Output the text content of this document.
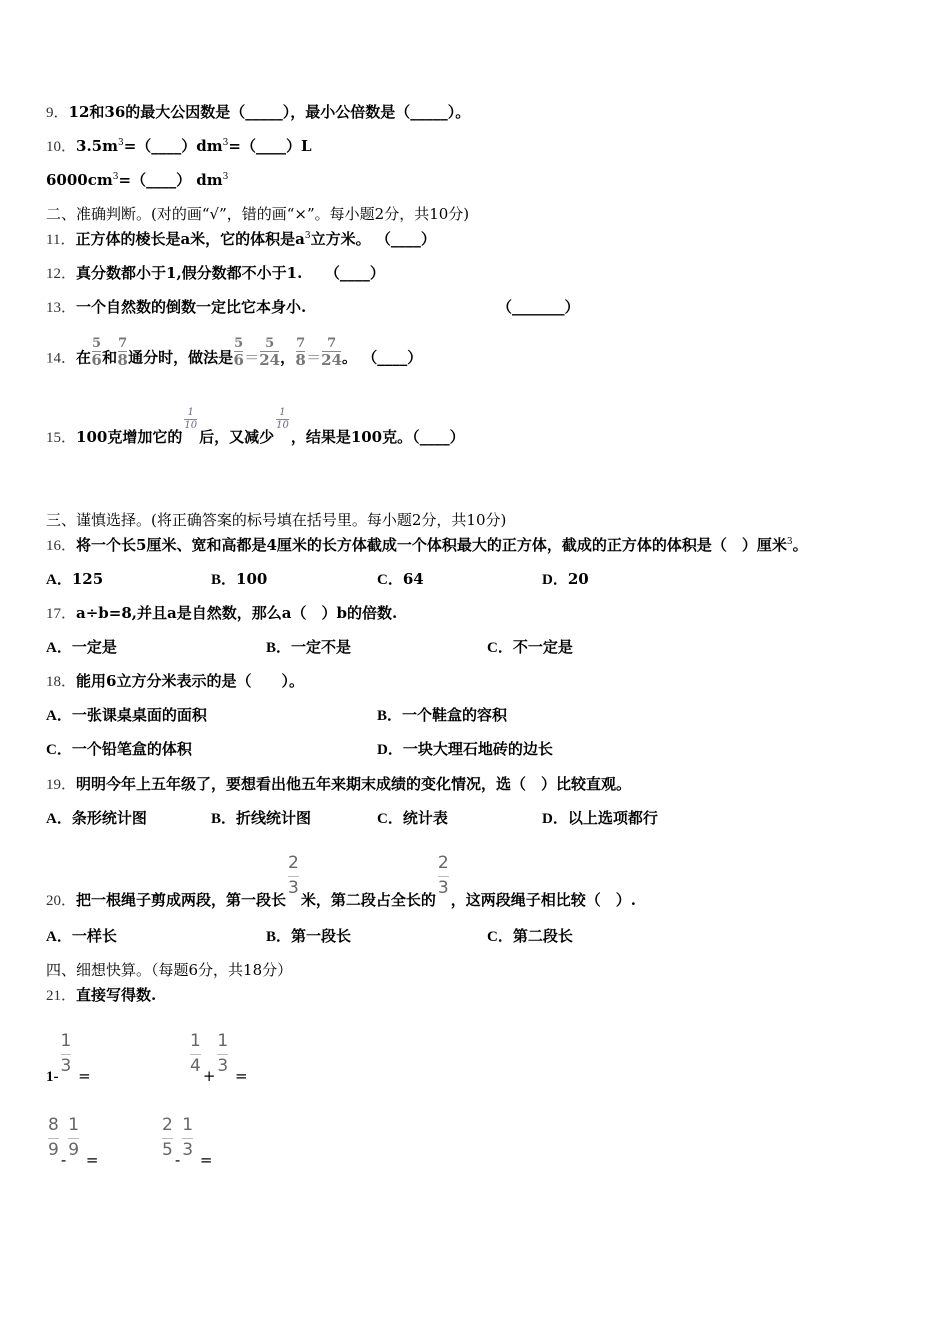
9．12和36的最大公因数是（_____），最小公倍数是（_____）。
10．$3.5m^3=(\_\_\_\_)dm^3=(\_\_\_\_)L$
$6000cm^3=(\_\_\_\_)$ $dm^3$
二、准确判断。(对的画“√”，错的画“×”。每小题2分，共10分)
11．正方体的棱长是a米，它的体积是$a^3$立方米。 （____）
12．真分数都小于1,假分数都不小于1.　　（____）
13．一个自然数的倒数一定比它本身小.	（_______）
14．在 $\frac{5}{6}$ 和 $\frac{7}{8}$ 通分时，做法是 $\frac{5}{6} = \frac{5}{24}$ ， $\frac{7}{8} = \frac{7}{24}$ 。 （____）
15．100克增加它的
$\frac{1}{10}$
后，又减少
$\frac{1}{10}$
，结果是100克。（____）
三、谨慎选择。(将正确答案的标号填在括号里。每小题2分，共10分)
16．将一个长5厘米、宽和高都是4厘米的长方体截成一个体积最大的正方体，截成的正方体的体积是（　）厘米$^3$。
A．125	B．100	C．64	D．20
17．a÷b=8,并且a是自然数，那么a（　）b的倍数.
A．一定是	B．一定不是	C．不一定是
18．能用6立方分米表示的是（　　）。
A．一张课桌桌面的面积	B．一个鞋盒的容积
C．一个铅笔盒的体积	D．一块大理石地砖的边长
19．明明今年上五年级了，要想看出他五年来期末成绩的变化情况，选（　）比较直观。
A．条形统计图	B．折线统计图	C．统计表	D．以上选项都行
20．把一根绳子剪成两段，第一段长
$\frac{2}{3}$
米，第二段占全长的
$\frac{2}{3}$
，这两段绳子相比较（　）.
A．一样长	B．第一段长	C．第二段长
四、细想快算。（每题6分，共18分）
21．直接写得数.
1-
$\frac{1}{3}$
=
$\frac{1}{4}$
+
$\frac{1}{3}$
=
$\frac{8}{9}$
-
$\frac{1}{9}$
=
$\frac{2}{5}$
-
$\frac{1}{3}$
=
